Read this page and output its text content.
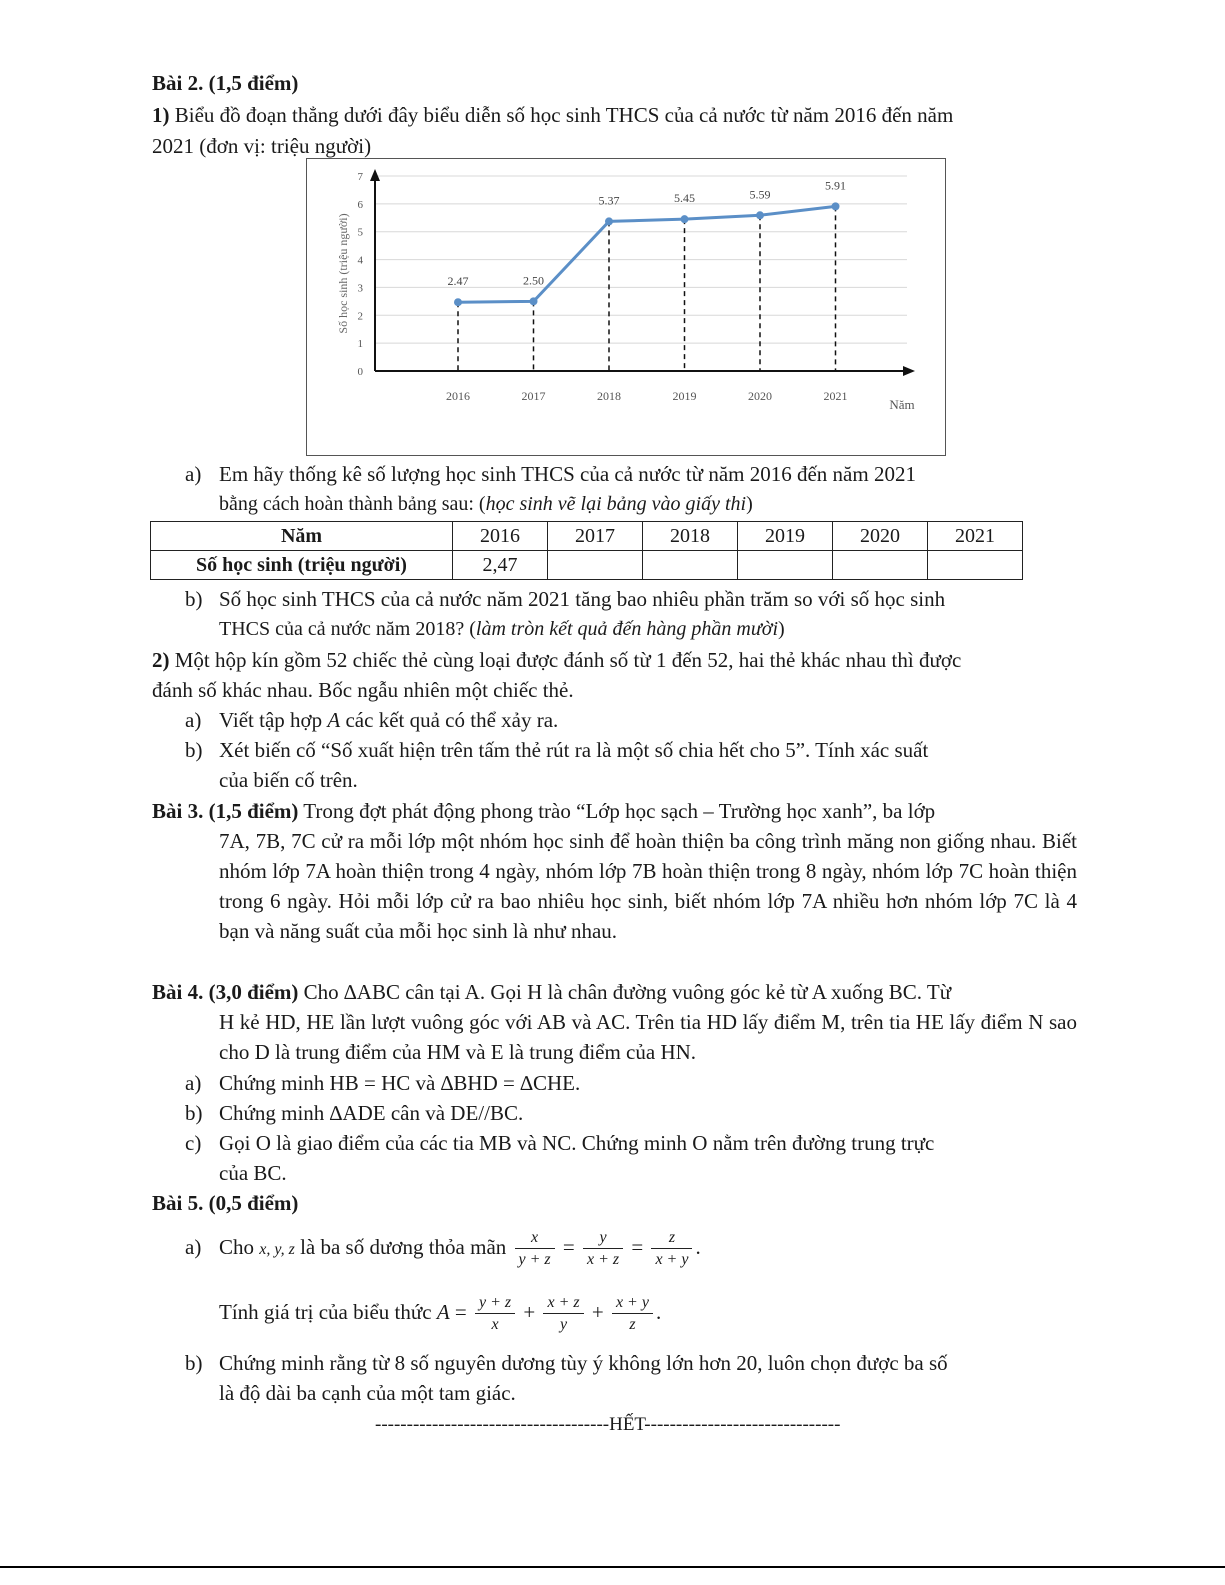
Bài 2. (1,5 điểm)
1) Biểu đồ đoạn thẳng dưới đây biểu diễn số học sinh THCS của cả nước từ năm 2016 đến năm
2021 (đơn vị: triệu người)
0
1
2
3
4
5
6
7
Số học sinh (triệu người)	2.47
2016
2.50
2017
5.37
2018
5.45
2019
5.59
2020
5.91
2021
Năm
a) Em hãy thống kê số lượng học sinh THCS của cả nước từ năm 2016 đến năm 2021
bằng cách hoàn thành bảng sau: (học sinh vẽ lại bảng vào giấy thi)
Năm	2016	2017	2018	2019	2020	2021
Số học sinh (triệu người)	2,47					
b) Số học sinh THCS của cả nước năm 2021 tăng bao nhiêu phần trăm so với số học sinh
THCS của cả nước năm 2018? (làm tròn kết quả đến hàng phần mười)
2) Một hộp kín gồm 52 chiếc thẻ cùng loại được đánh số từ 1 đến 52, hai thẻ khác nhau thì được
đánh số khác nhau. Bốc ngẫu nhiên một chiếc thẻ.
a) Viết tập hợp A các kết quả có thể xảy ra.
b) Xét biến cố “Số xuất hiện trên tấm thẻ rút ra là một số chia hết cho 5”. Tính xác suất
của biến cố trên.
Bài 3. (1,5 điểm) Trong đợt phát động phong trào “Lớp học sạch – Trường học xanh”, ba lớp
7A, 7B, 7C cử ra mỗi lớp một nhóm học sinh để hoàn thiện ba công trình măng non giống nhau. Biết nhóm lớp 7A hoàn thiện trong 4 ngày, nhóm lớp 7B hoàn thiện trong 8 ngày, nhóm lớp 7C hoàn thiện trong 6 ngày. Hỏi mỗi lớp cử ra bao nhiêu học sinh, biết nhóm lớp 7A nhiều hơn nhóm lớp 7C là 4 bạn và năng suất của mỗi học sinh là như nhau.
Bài 4. (3,0 điểm) Cho ∆ABC cân tại A. Gọi H là chân đường vuông góc kẻ từ A xuống BC. Từ
H kẻ HD, HE lần lượt vuông góc với AB và AC. Trên tia HD lấy điểm M, trên tia HE lấy điểm N sao cho D là trung điểm của HM và E là trung điểm của HN.
a) Chứng minh HB = HC và ∆BHD = ∆CHE.
b) Chứng minh ∆ADE cân và DE//BC.
c) Gọi O là giao điểm của các tia MB và NC. Chứng minh O nằm trên đường trung trực
của BC.
Bài 5. (0,5 điểm)
a) Cho x, y, z là ba số dương thỏa mãn $\frac{x}{y + z} = \frac{y}{x + z} = \frac{z}{x + y}$ .
Tính giá trị của biểu thức $A = \frac{y + z}{x} + \frac{x + z}{y} + \frac{x + y}{z}$ .
b) Chứng minh rằng từ 8 số nguyên dương tùy ý không lớn hơn 20, luôn chọn được ba số
là độ dài ba cạnh của một tam giác.
-------------------------------------HẾT-------------------------------
